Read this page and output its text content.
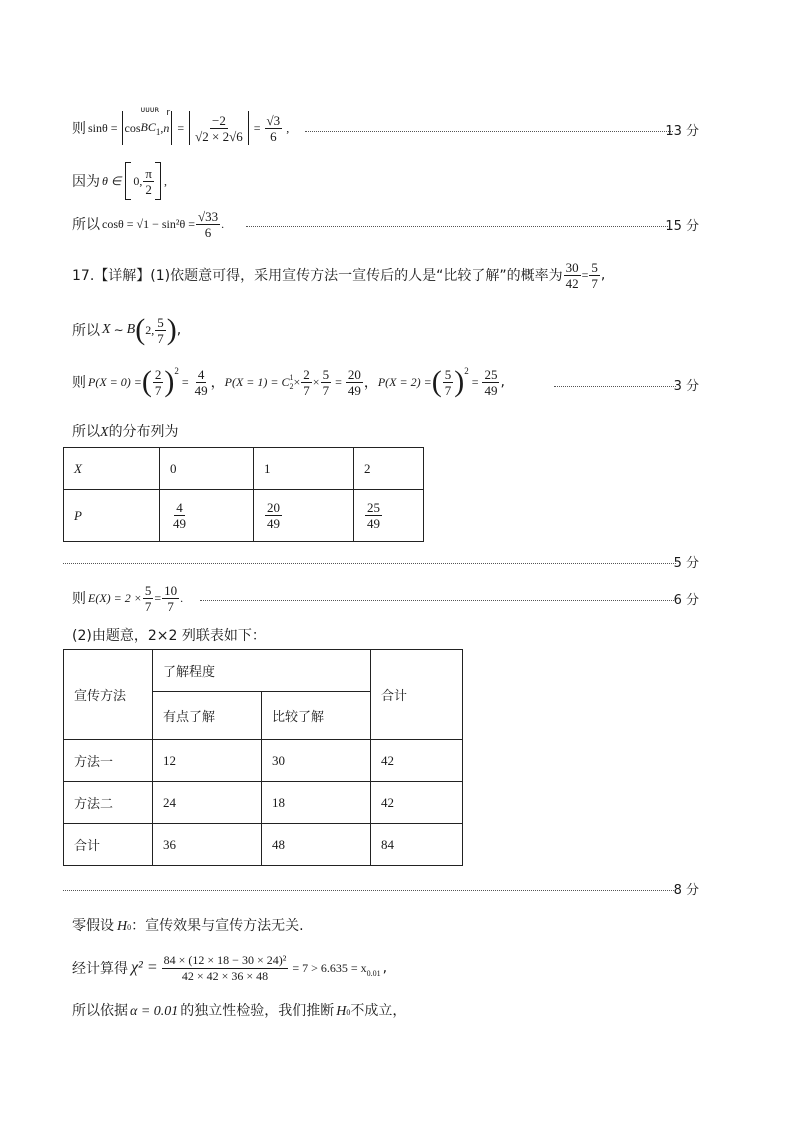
则 sinθ = cos
ᴜᴜᴜʀ
$BC_1$ ,
r
$n = \frac{-2}{√2 \times 2√6} = \frac{√3}{6}$ ,	13 分
因为 θ ∈ 0, $\frac{\pi}{2}$ ,
所以 $\cos\theta = √1 - \sin^2\theta = \frac{√33}{6}$ .	15 分
17.【详解】(1)依题意可得，采用宣传方法一宣传后的人是“比较了解”的概率为 $\frac{30}{42} = \frac{5}{7}$ ,
所以 X ∼ B ( 2, $\frac{5}{7}$ ) ,
则 P(X = 0) = ( $\frac{2}{7} )^2$
= $\frac{4}{49}$ ， P(X = 1) = C 1
$2 \times \frac{2}{7} \times \frac{5}{7} = \frac{20}{49}$ ， P(X = 2) = ( $\frac{5}{7} )^2$
= $\frac{25}{49}$ ,	3 分
所以X的分布列为
X	0	1	2
P	$\frac{4}{49}$	$\frac{20}{49}$	$\frac{25}{49}$
5 分
则 $E(X) = 2 \times \frac{5}{7} = \frac{10}{7}$ .	6 分
(2)由题意，2×2 列联表如下：
宣传方法	了解程度		合计
	有点了解	比较了解	
方法一	12	30	42
方法二	24	18	42
合计	36	48	84
8 分
零假设 H 0 ：宣传效果与宣传方法无关.
经计算得 $\chi^2 = \frac{\text{84 × (12 × 18 − 30 × 24)²}}{42 \times 42 \times 36 \times 48} = 7 > 6.635 = x_{0.01}$ ,
所以依据 α = 0.01 的独立性检验，我们推断 H 0 不成立，
